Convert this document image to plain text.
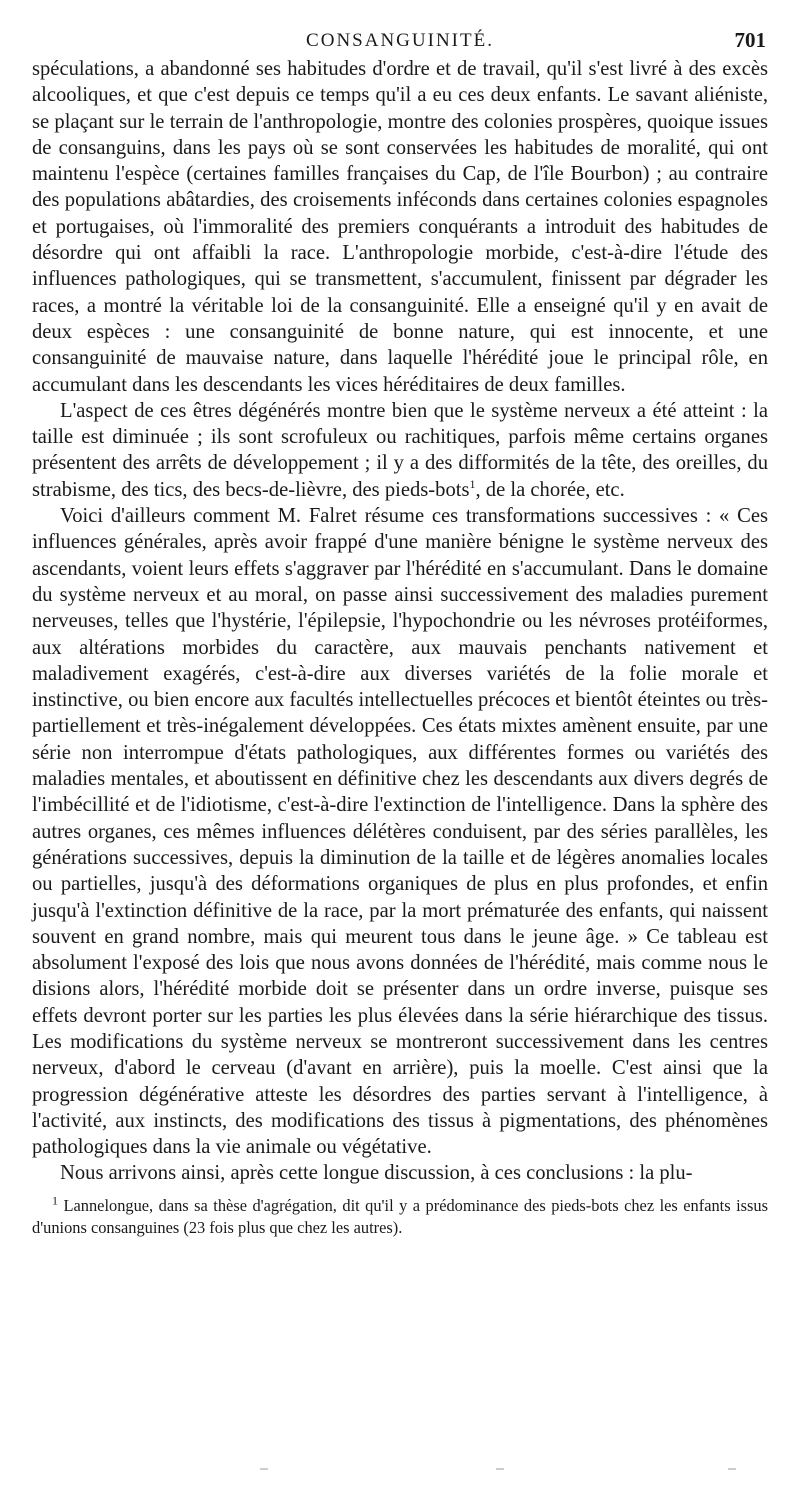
CONSANGUINITÉ.	701

spéculations, a abandonné ses habitudes d'ordre et de travail, qu'il s'est livré à des excès alcooliques, et que c'est depuis ce temps qu'il a eu ces deux enfants. Le savant aliéniste, se plaçant sur le terrain de l'anthropologie, montre des colonies prospères, quoique issues de consanguins, dans les pays où se sont conservées les habitudes de moralité, qui ont maintenu l'espèce (certaines familles françaises du Cap, de l'île Bourbon) ; au contraire des populations abâtardies, des croisements inféconds dans certaines colonies espagnoles et portugaises, où l'immoralité des premiers conquérants a introduit des habitudes de désordre qui ont affaibli la race. L'anthropologie morbide, c'est-à-dire l'étude des influences pathologiques, qui se transmettent, s'accumulent, finissent par dégrader les races, a montré la véritable loi de la consanguinité. Elle a enseigné qu'il y en avait de deux espèces : une consanguinité de bonne nature, qui est innocente, et une consanguinité de mauvaise nature, dans laquelle l'hérédité joue le principal rôle, en accumulant dans les descendants les vices héréditaires de deux familles.

L'aspect de ces êtres dégénérés montre bien que le système nerveux a été atteint : la taille est diminuée ; ils sont scrofuleux ou rachitiques, parfois même certains organes présentent des arrêts de développement ; il y a des difformités de la tête, des oreilles, du strabisme, des tics, des becs-de-lièvre, des pieds-bots$^1$, de la chorée, etc.

Voici d'ailleurs comment M. Falret résume ces transformations successives : « Ces influences générales, après avoir frappé d'une manière bénigne le système nerveux des ascendants, voient leurs effets s'aggraver par l'hérédité en s'accumulant. Dans le domaine du système nerveux et au moral, on passe ainsi successivement des maladies purement nerveuses, telles que l'hystérie, l'épilepsie, l'hypochondrie ou les névroses protéiformes, aux altérations morbides du caractère, aux mauvais penchants nativement et maladivement exagérés, c'est-à-dire aux diverses variétés de la folie morale et instinctive, ou bien encore aux facultés intellectuelles précoces et bientôt éteintes ou très-partiellement et très-inégalement développées. Ces états mixtes amènent ensuite, par une série non interrompue d'états pathologiques, aux différentes formes ou variétés des maladies mentales, et aboutissent en définitive chez les descendants aux divers degrés de l'imbécillité et de l'idiotisme, c'est-à-dire l'extinction de l'intelligence. Dans la sphère des autres organes, ces mêmes influences délétères conduisent, par des séries parallèles, les générations successives, depuis la diminution de la taille et de légères anomalies locales ou partielles, jusqu'à des déformations organiques de plus en plus profondes, et enfin jusqu'à l'extinction définitive de la race, par la mort prématurée des enfants, qui naissent souvent en grand nombre, mais qui meurent tous dans le jeune âge. » Ce tableau est absolument l'exposé des lois que nous avons données de l'hérédité, mais comme nous le disions alors, l'hérédité morbide doit se présenter dans un ordre inverse, puisque ses effets devront porter sur les parties les plus élevées dans la série hiérarchique des tissus. Les modifications du système nerveux se montreront successivement dans les centres nerveux, d'abord le cerveau (d'avant en arrière), puis la moelle. C'est ainsi que la progression dégénérative atteste les désordres des parties servant à l'intelligence, à l'activité, aux instincts, des modifications des tissus à pigmentations, des phénomènes pathologiques dans la vie animale ou végétative.

Nous arrivons ainsi, après cette longue discussion, à ces conclusions : la plu-

$^1$ Lannelongue, dans sa thèse d'agrégation, dit qu'il y a prédominance des pieds-bots chez les enfants issus d'unions consanguines (23 fois plus que chez les autres).
